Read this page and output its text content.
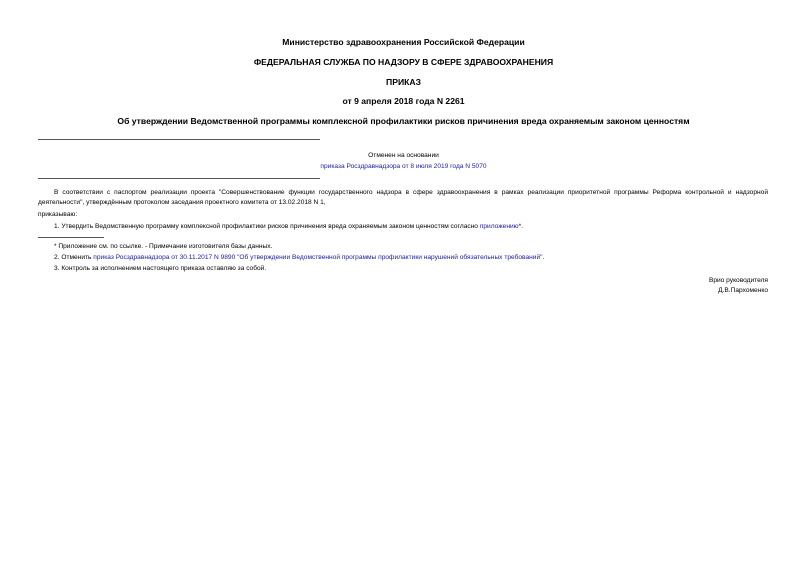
Министерство здравоохранения Российской Федерации
ФЕДЕРАЛЬНАЯ СЛУЖБА ПО НАДЗОРУ В СФЕРЕ ЗДРАВООХРАНЕНИЯ
ПРИКАЗ
от 9 апреля 2018 года N 2261
Об утверждении Ведомственной программы комплексной профилактики рисков причинения вреда охраняемым законом ценностям
Отменен на основании
приказа Росздравнадзора от 8 июля 2019 года N 5070
В соответствии с паспортом реализации проекта "Совершенствование функции государственного надзора в сфере здравоохранения в рамках реализации приоритетной программы Реформа контрольной и надзорной деятельности", утверждённым протоколом заседания проектного комитета от 13.02.2018 N 1,
приказываю:
1. Утвердить Ведомственную программу комплексной профилактики рисков причинения вреда охраняемым законом ценностям согласно приложению*.
* Приложение см. по ссылке. - Примечание изготовителя базы данных.
2. Отменить приказ Росздравнадзора от 30.11.2017 N 9890 "Об утверждении Ведомственной программы профилактики нарушений обязательных требований".
3. Контроль за исполнением настоящего приказа оставляю за собой.
Врио руководителя
Д.В.Пархоменко
